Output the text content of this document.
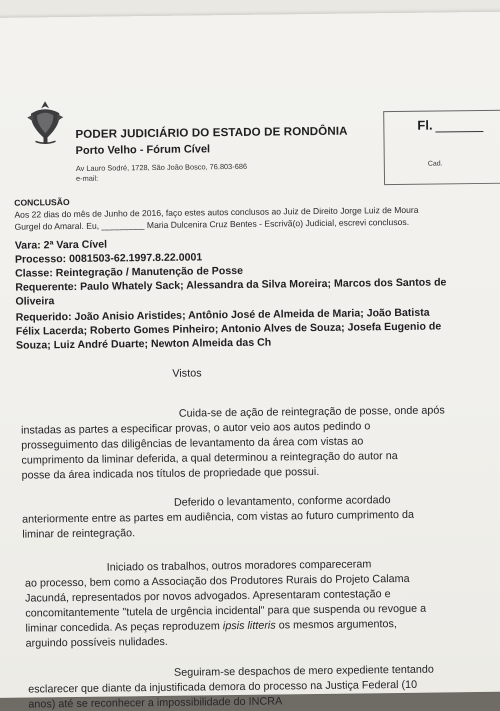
PODER JUDICIÁRIO DO ESTADO DE RONDÔNIA
Porto Velho - Fórum Cível
Av Lauro Sodré, 1728, São João Bosco, 76.803-686
e-mail:
Fl.
Cad.
CONCLUSÃO
Aos 22 dias do mês de Junho de 2016, faço estes autos conclusos ao Juiz de Direito Jorge Luiz de Moura
Gurgel do Amaral. Eu, _________ Maria Dulcenira Cruz Bentes - Escrivã(o) Judicial, escrevi conclusos.
Vara: 2ª Vara Cível
Processo: 0081503-62.1997.8.22.0001
Classe: Reintegração / Manutenção de Posse
Requerente: Paulo Whately Sack; Alessandra da Silva Moreira; Marcos dos Santos de
Oliveira
Requerido: João Anisio Aristides; Antônio José de Almeida de Maria; João Batista
Félix Lacerda; Roberto Gomes Pinheiro; Antonio Alves de Souza; Josefa Eugenio de
Souza; Luiz André Duarte; Newton Almeida das Ch
Vistos
Cuida-se de ação de reintegração de posse, onde após
instadas as partes a especificar provas, o autor veio aos autos pedindo o
prosseguimento das diligências de levantamento da área com vistas ao
cumprimento da liminar deferida, a qual determinou a reintegração do autor na
posse da área indicada nos títulos de propriedade que possui.
Deferido o levantamento, conforme acordado
anteriormente entre as partes em audiência, com vistas ao futuro cumprimento da
liminar de reintegração.
Iniciado os trabalhos, outros moradores compareceram
ao processo, bem como a Associação dos Produtores Rurais do Projeto Calama
Jacundá, representados por novos advogados. Apresentaram contestação e
concomitantemente "tutela de urgência incidental" para que suspenda ou revogue a
liminar concedida. As peças reproduzem ipsis litteris os mesmos argumentos,
arguindo possíveis nulidades.
Seguiram-se despachos de mero expediente tentando
esclarecer que diante da injustificada demora do processo na Justiça Federal (10
anos) até se reconhecer a impossibilidade do INCRA
